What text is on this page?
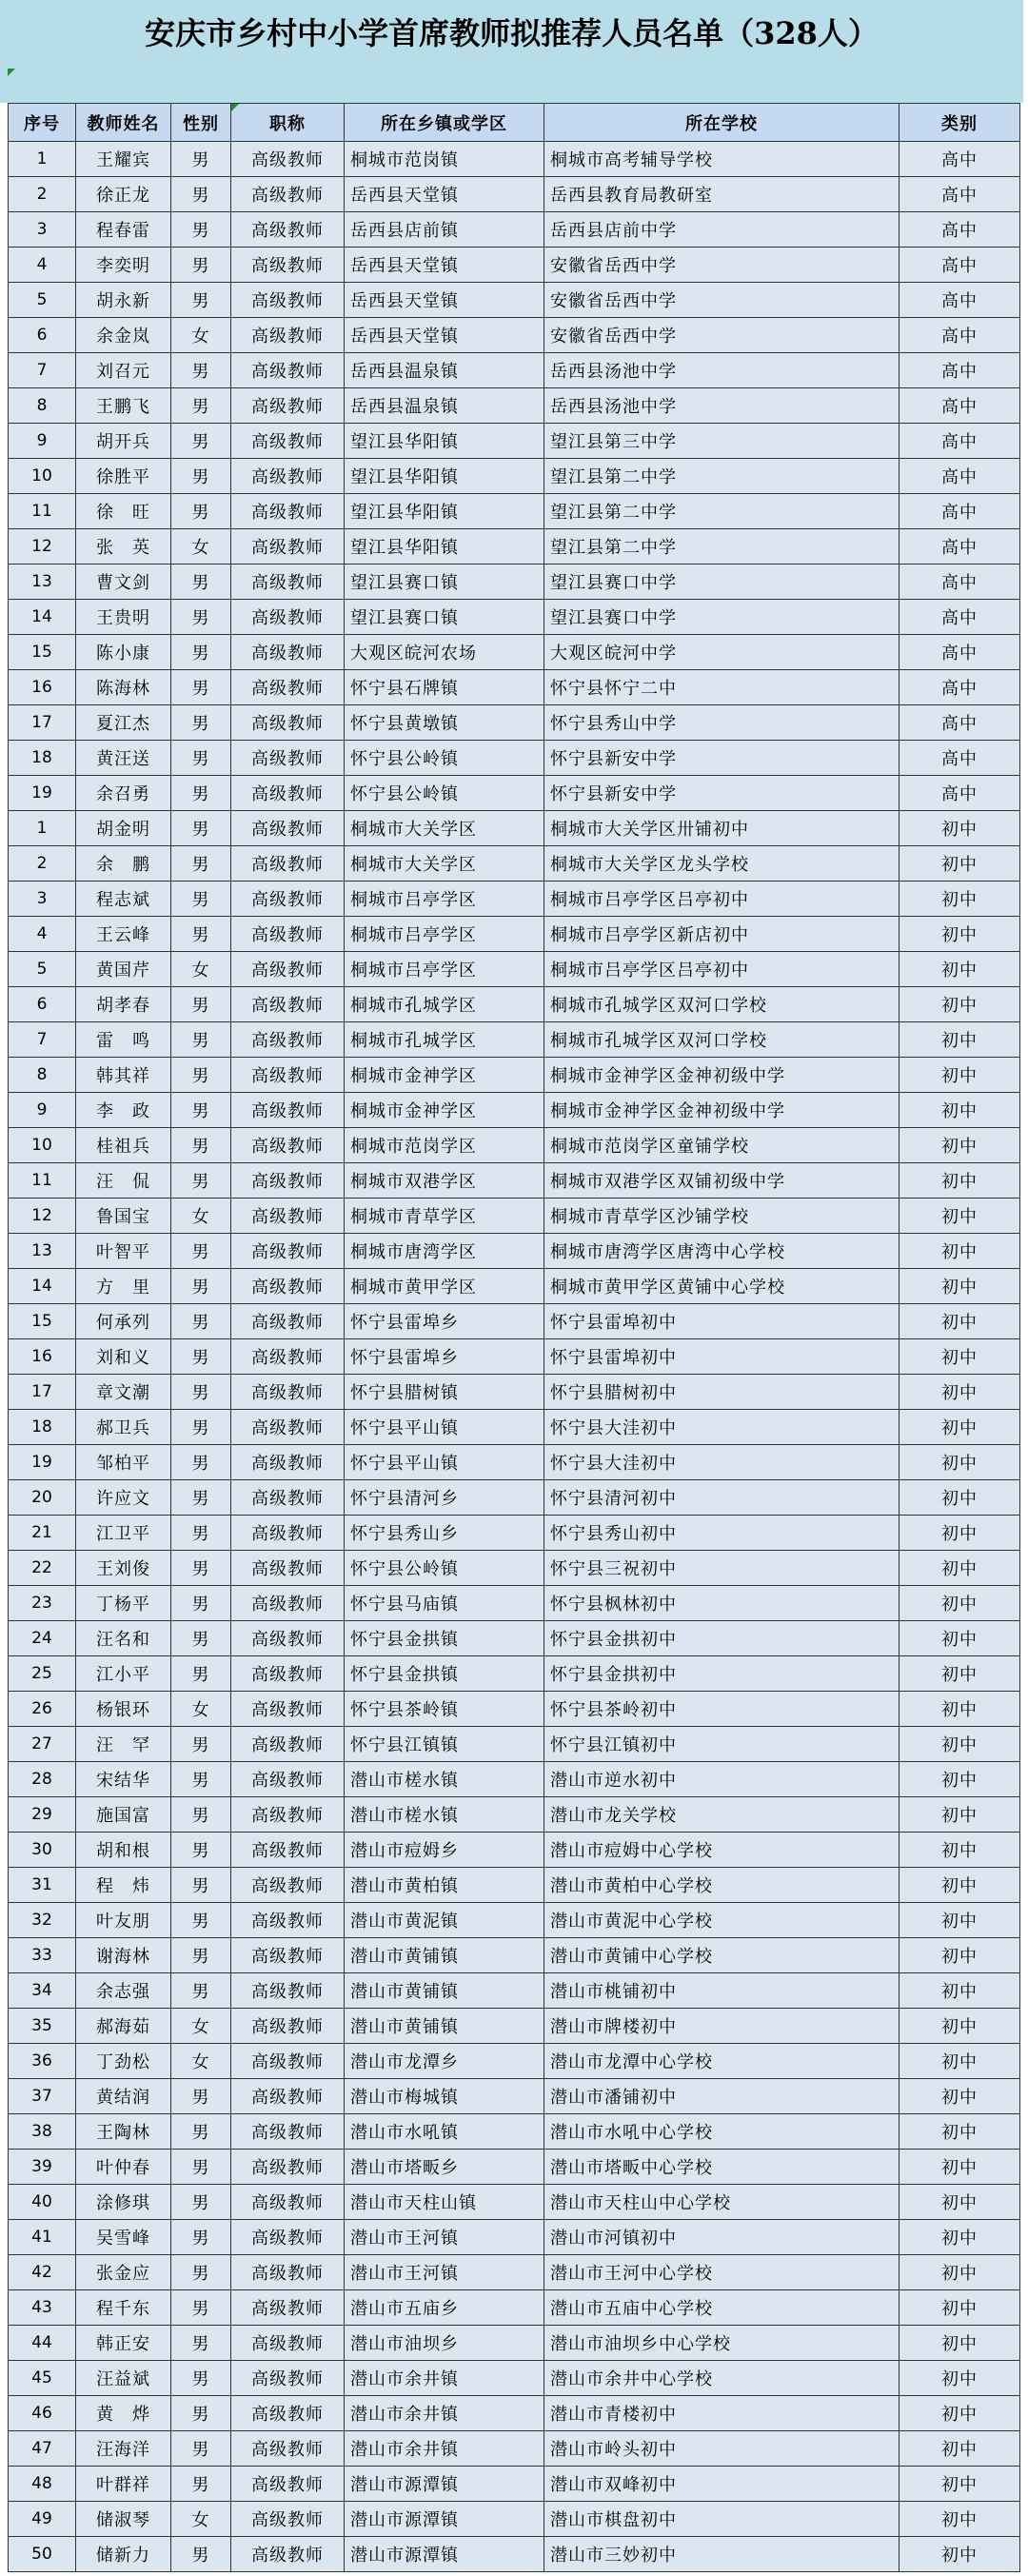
安庆市乡村中小学首席教师拟推荐人员名单（328人）
序号	教师姓名	性别	职称	所在乡镇或学区	所在学校	类别
1	王耀宾	男	高级教师	桐城市范岗镇	桐城市高考辅导学校	高中
2	徐正龙	男	高级教师	岳西县天堂镇	岳西县教育局教研室	高中
3	程春雷	男	高级教师	岳西县店前镇	岳西县店前中学	高中
4	李奕明	男	高级教师	岳西县天堂镇	安徽省岳西中学	高中
5	胡永新	男	高级教师	岳西县天堂镇	安徽省岳西中学	高中
6	余金岚	女	高级教师	岳西县天堂镇	安徽省岳西中学	高中
7	刘召元	男	高级教师	岳西县温泉镇	岳西县汤池中学	高中
8	王鹏飞	男	高级教师	岳西县温泉镇	岳西县汤池中学	高中
9	胡开兵	男	高级教师	望江县华阳镇	望江县第三中学	高中
10	徐胜平	男	高级教师	望江县华阳镇	望江县第二中学	高中
11	徐　旺	男	高级教师	望江县华阳镇	望江县第二中学	高中
12	张　英	女	高级教师	望江县华阳镇	望江县第二中学	高中
13	曹文剑	男	高级教师	望江县赛口镇	望江县赛口中学	高中
14	王贵明	男	高级教师	望江县赛口镇	望江县赛口中学	高中
15	陈小康	男	高级教师	大观区皖河农场	大观区皖河中学	高中
16	陈海林	男	高级教师	怀宁县石牌镇	怀宁县怀宁二中	高中
17	夏江杰	男	高级教师	怀宁县黄墩镇	怀宁县秀山中学	高中
18	黄汪送	男	高级教师	怀宁县公岭镇	怀宁县新安中学	高中
19	余召勇	男	高级教师	怀宁县公岭镇	怀宁县新安中学	高中
1	胡金明	男	高级教师	桐城市大关学区	桐城市大关学区卅铺初中	初中
2	余　鹏	男	高级教师	桐城市大关学区	桐城市大关学区龙头学校	初中
3	程志斌	男	高级教师	桐城市吕亭学区	桐城市吕亭学区吕亭初中	初中
4	王云峰	男	高级教师	桐城市吕亭学区	桐城市吕亭学区新店初中	初中
5	黄国芹	女	高级教师	桐城市吕亭学区	桐城市吕亭学区吕亭初中	初中
6	胡孝春	男	高级教师	桐城市孔城学区	桐城市孔城学区双河口学校	初中
7	雷　鸣	男	高级教师	桐城市孔城学区	桐城市孔城学区双河口学校	初中
8	韩其祥	男	高级教师	桐城市金神学区	桐城市金神学区金神初级中学	初中
9	李　政	男	高级教师	桐城市金神学区	桐城市金神学区金神初级中学	初中
10	桂祖兵	男	高级教师	桐城市范岗学区	桐城市范岗学区童铺学校	初中
11	汪　侃	男	高级教师	桐城市双港学区	桐城市双港学区双铺初级中学	初中
12	鲁国宝	女	高级教师	桐城市青草学区	桐城市青草学区沙铺学校	初中
13	叶智平	男	高级教师	桐城市唐湾学区	桐城市唐湾学区唐湾中心学校	初中
14	方　里	男	高级教师	桐城市黄甲学区	桐城市黄甲学区黄铺中心学校	初中
15	何承列	男	高级教师	怀宁县雷埠乡	怀宁县雷埠初中	初中
16	刘和义	男	高级教师	怀宁县雷埠乡	怀宁县雷埠初中	初中
17	章文潮	男	高级教师	怀宁县腊树镇	怀宁县腊树初中	初中
18	郝卫兵	男	高级教师	怀宁县平山镇	怀宁县大洼初中	初中
19	邹柏平	男	高级教师	怀宁县平山镇	怀宁县大洼初中	初中
20	许应文	男	高级教师	怀宁县清河乡	怀宁县清河初中	初中
21	江卫平	男	高级教师	怀宁县秀山乡	怀宁县秀山初中	初中
22	王刘俊	男	高级教师	怀宁县公岭镇	怀宁县三祝初中	初中
23	丁杨平	男	高级教师	怀宁县马庙镇	怀宁县枫林初中	初中
24	汪名和	男	高级教师	怀宁县金拱镇	怀宁县金拱初中	初中
25	江小平	男	高级教师	怀宁县金拱镇	怀宁县金拱初中	初中
26	杨银环	女	高级教师	怀宁县茶岭镇	怀宁县茶岭初中	初中
27	汪　罕	男	高级教师	怀宁县江镇镇	怀宁县江镇初中	初中
28	宋结华	男	高级教师	潜山市槎水镇	潜山市逆水初中	初中
29	施国富	男	高级教师	潜山市槎水镇	潜山市龙关学校	初中
30	胡和根	男	高级教师	潜山市痘姆乡	潜山市痘姆中心学校	初中
31	程　炜	男	高级教师	潜山市黄柏镇	潜山市黄柏中心学校	初中
32	叶友朋	男	高级教师	潜山市黄泥镇	潜山市黄泥中心学校	初中
33	谢海林	男	高级教师	潜山市黄铺镇	潜山市黄铺中心学校	初中
34	余志强	男	高级教师	潜山市黄铺镇	潜山市桃铺初中	初中
35	郝海茹	女	高级教师	潜山市黄铺镇	潜山市牌楼初中	初中
36	丁劲松	女	高级教师	潜山市龙潭乡	潜山市龙潭中心学校	初中
37	黄结润	男	高级教师	潜山市梅城镇	潜山市潘铺初中	初中
38	王陶林	男	高级教师	潜山市水吼镇	潜山市水吼中心学校	初中
39	叶仲春	男	高级教师	潜山市塔畈乡	潜山市塔畈中心学校	初中
40	涂修琪	男	高级教师	潜山市天柱山镇	潜山市天柱山中心学校	初中
41	吴雪峰	男	高级教师	潜山市王河镇	潜山市河镇初中	初中
42	张金应	男	高级教师	潜山市王河镇	潜山市王河中心学校	初中
43	程千东	男	高级教师	潜山市五庙乡	潜山市五庙中心学校	初中
44	韩正安	男	高级教师	潜山市油坝乡	潜山市油坝乡中心学校	初中
45	汪益斌	男	高级教师	潜山市余井镇	潜山市余井中心学校	初中
46	黄　烨	男	高级教师	潜山市余井镇	潜山市青楼初中	初中
47	汪海洋	男	高级教师	潜山市余井镇	潜山市岭头初中	初中
48	叶群祥	男	高级教师	潜山市源潭镇	潜山市双峰初中	初中
49	储淑琴	女	高级教师	潜山市源潭镇	潜山市棋盘初中	初中
50	储新力	男	高级教师	潜山市源潭镇	潜山市三妙初中	初中
